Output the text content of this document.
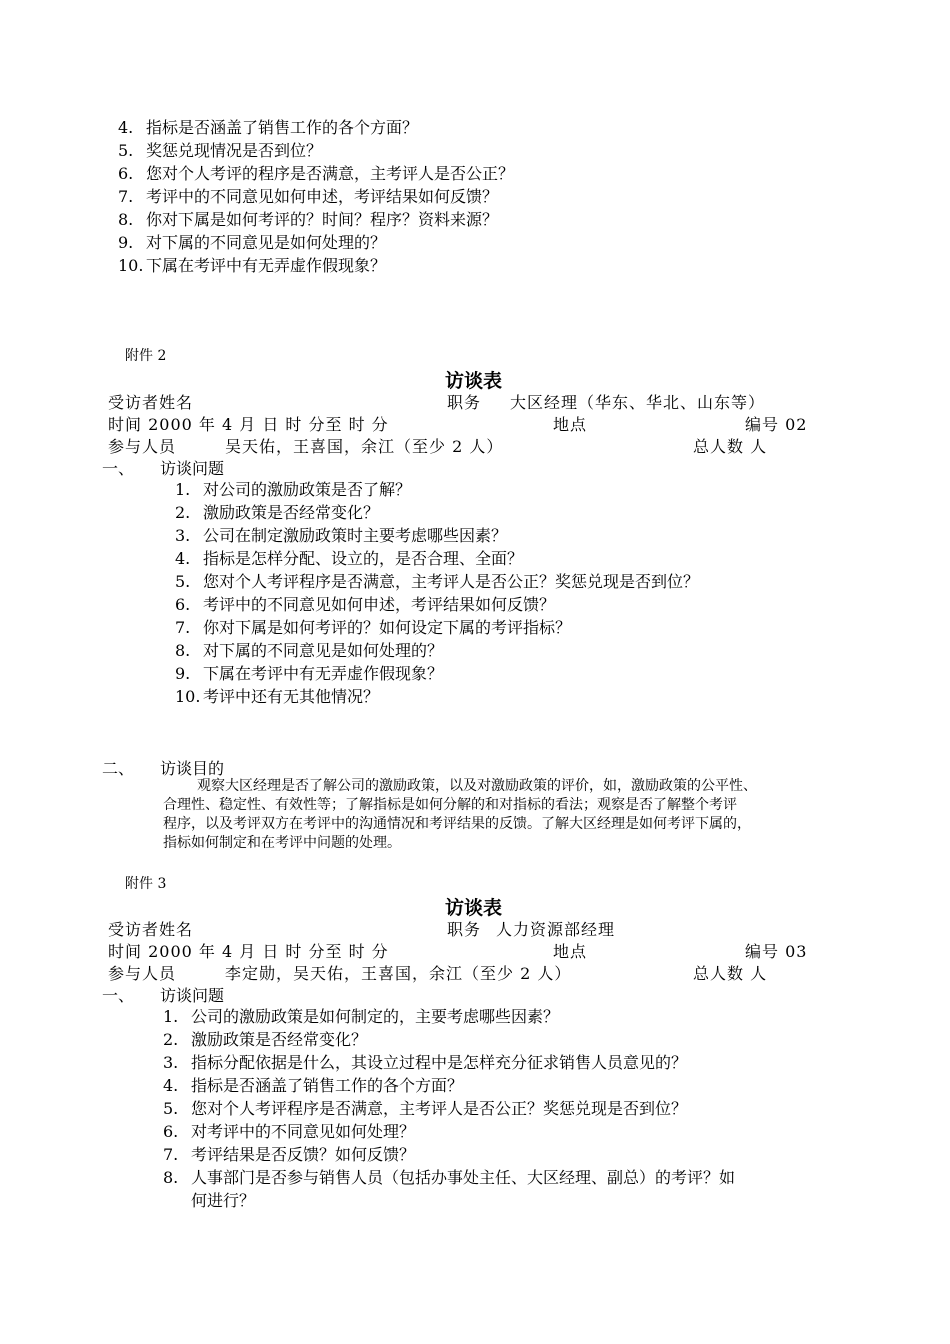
4. 指标是否涵盖了销售工作的各个方面？
5. 奖惩兑现情况是否到位？
6. 您对个人考评的程序是否满意，主考评人是否公正？
7. 考评中的不同意见如何申述，考评结果如何反馈？
8. 你对下属是如何考评的？时间？程序？资料来源？
9. 对下属的不同意见是如何处理的？
10. 下属在考评中有无弄虚作假现象？
附件 2
访谈表
受访者姓名	职务 大区经理（华东、华北、山东等）
时间 2000 年 4 月 日 时 分至 时 分	地点	编号 02
参与人员	吴天佑，王喜国，余江（至少 2 人）	总人数 人
一、 访谈问题
1. 对公司的激励政策是否了解？
2. 激励政策是否经常变化？
3. 公司在制定激励政策时主要考虑哪些因素？
4. 指标是怎样分配、设立的，是否合理、全面？
5. 您对个人考评程序是否满意，主考评人是否公正？奖惩兑现是否到位？
6. 考评中的不同意见如何申述，考评结果如何反馈？
7. 你对下属是如何考评的？如何设定下属的考评指标？
8. 对下属的不同意见是如何处理的？
9. 下属在考评中有无弄虚作假现象？
10. 考评中还有无其他情况？
二、 访谈目的
观察大区经理是否了解公司的激励政策，以及对激励政策的评价，如，激励政策的公平性、
合理性、稳定性、有效性等；了解指标是如何分解的和对指标的看法；观察是否了解整个考评
程序，以及考评双方在考评中的沟通情况和考评结果的反馈。了解大区经理是如何考评下属的，
指标如何制定和在考评中问题的处理。
附件 3
访谈表
受访者姓名	职务 人力资源部经理
时间 2000 年 4 月 日 时 分至 时 分	地点	编号 03
参与人员	李定勋，吴天佑，王喜国，余江（至少 2 人）	总人数 人
一、 访谈问题
1. 公司的激励政策是如何制定的，主要考虑哪些因素？
2. 激励政策是否经常变化？
3. 指标分配依据是什么，其设立过程中是怎样充分征求销售人员意见的？
4. 指标是否涵盖了销售工作的各个方面？
5. 您对个人考评程序是否满意，主考评人是否公正？奖惩兑现是否到位？
6. 对考评中的不同意见如何处理？
7. 考评结果是否反馈？如何反馈？
8. 人事部门是否参与销售人员（包括办事处主任、大区经理、副总）的考评？如
何进行？
